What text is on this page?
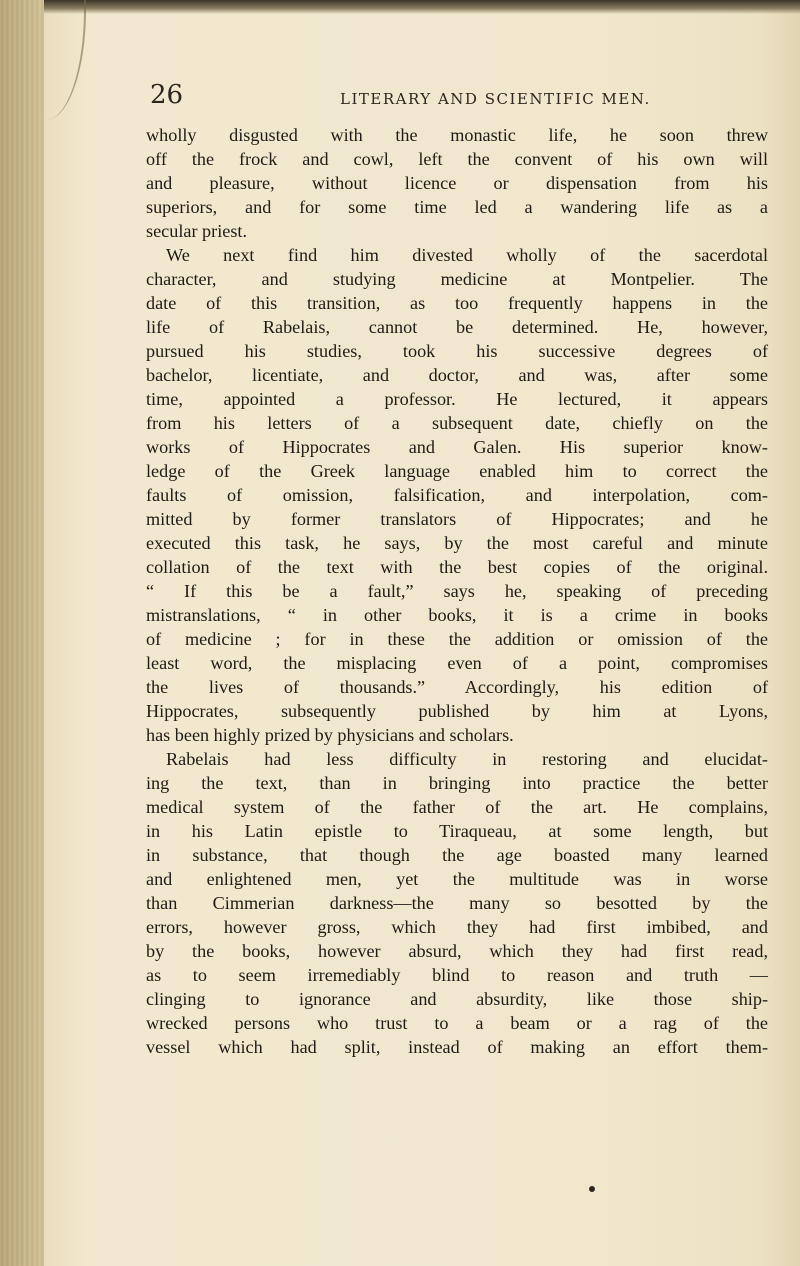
26	LITERARY AND SCIENTIFIC MEN.
wholly disgusted with the monastic life, he soon threw
off the frock and cowl, left the convent of his own will
and pleasure, without licence or dispensation from his
superiors, and for some time led a wandering life as a
secular priest.
We next find him divested wholly of the sacerdotal
character, and studying medicine at Montpelier. The
date of this transition, as too frequently happens in the
life of Rabelais, cannot be determined. He, however,
pursued his studies, took his successive degrees of
bachelor, licentiate, and doctor, and was, after some
time, appointed a professor. He lectured, it appears
from his letters of a subsequent date, chiefly on the
works of Hippocrates and Galen. His superior know-
ledge of the Greek language enabled him to correct the
faults of omission, falsification, and interpolation, com-
mitted by former translators of Hippocrates; and he
executed this task, he says, by the most careful and minute
collation of the text with the best copies of the original.
“ If this be a fault,” says he, speaking of preceding
mistranslations, “ in other books, it is a crime in books
of medicine ; for in these the addition or omission of the
least word, the misplacing even of a point, compromises
the lives of thousands.” Accordingly, his edition of
Hippocrates, subsequently published by him at Lyons,
has been highly prized by physicians and scholars.
Rabelais had less difficulty in restoring and elucidat-
ing the text, than in bringing into practice the better
medical system of the father of the art. He complains,
in his Latin epistle to Tiraqueau, at some length, but
in substance, that though the age boasted many learned
and enlightened men, yet the multitude was in worse
than Cimmerian darkness—the many so besotted by the
errors, however gross, which they had first imbibed, and
by the books, however absurd, which they had first read,
as to seem irremediably blind to reason and truth —
clinging to ignorance and absurdity, like those ship-
wrecked persons who trust to a beam or a rag of the
vessel which had split, instead of making an effort them-
